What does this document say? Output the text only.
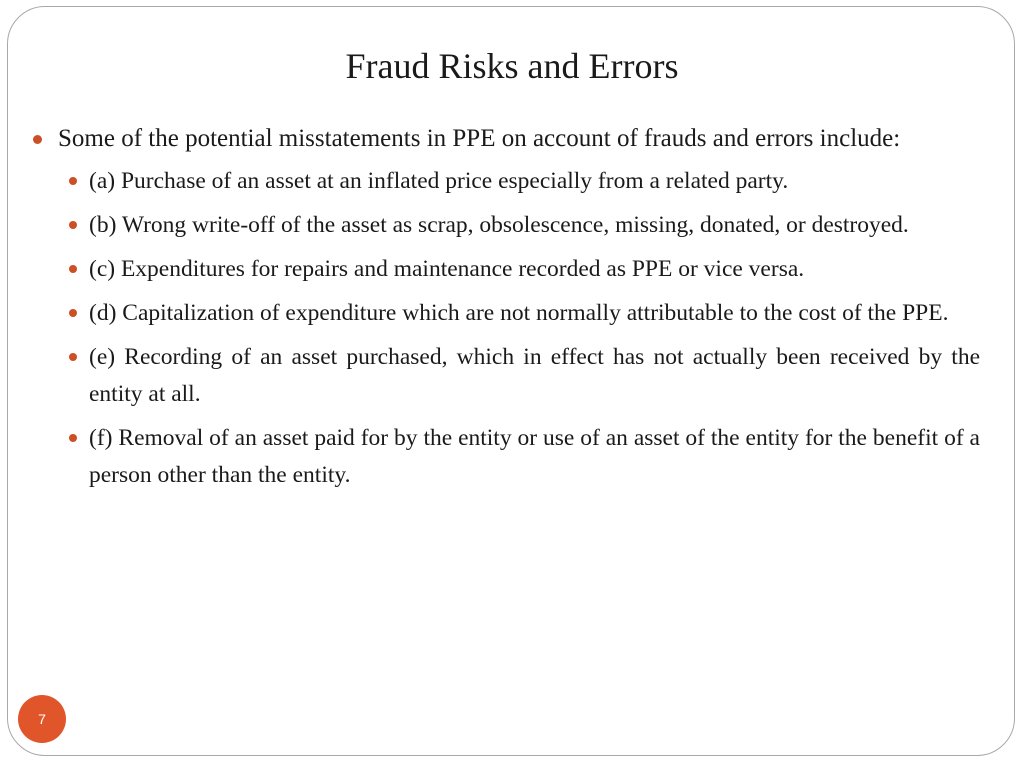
Fraud Risks and Errors
Some of the potential misstatements in PPE on account of frauds and errors include:
(a) Purchase of an asset at an inflated price especially from a related party.
(b) Wrong write-off of the asset as scrap, obsolescence, missing, donated, or destroyed.
(c) Expenditures for repairs and maintenance recorded as PPE or vice versa.
(d) Capitalization of expenditure which are not normally attributable to the cost of the PPE.
(e) Recording of an asset purchased, which in effect has not actually been received by the entity at all.
(f) Removal of an asset paid for by the entity or use of an asset of the entity for the benefit of a person other than the entity.
7
